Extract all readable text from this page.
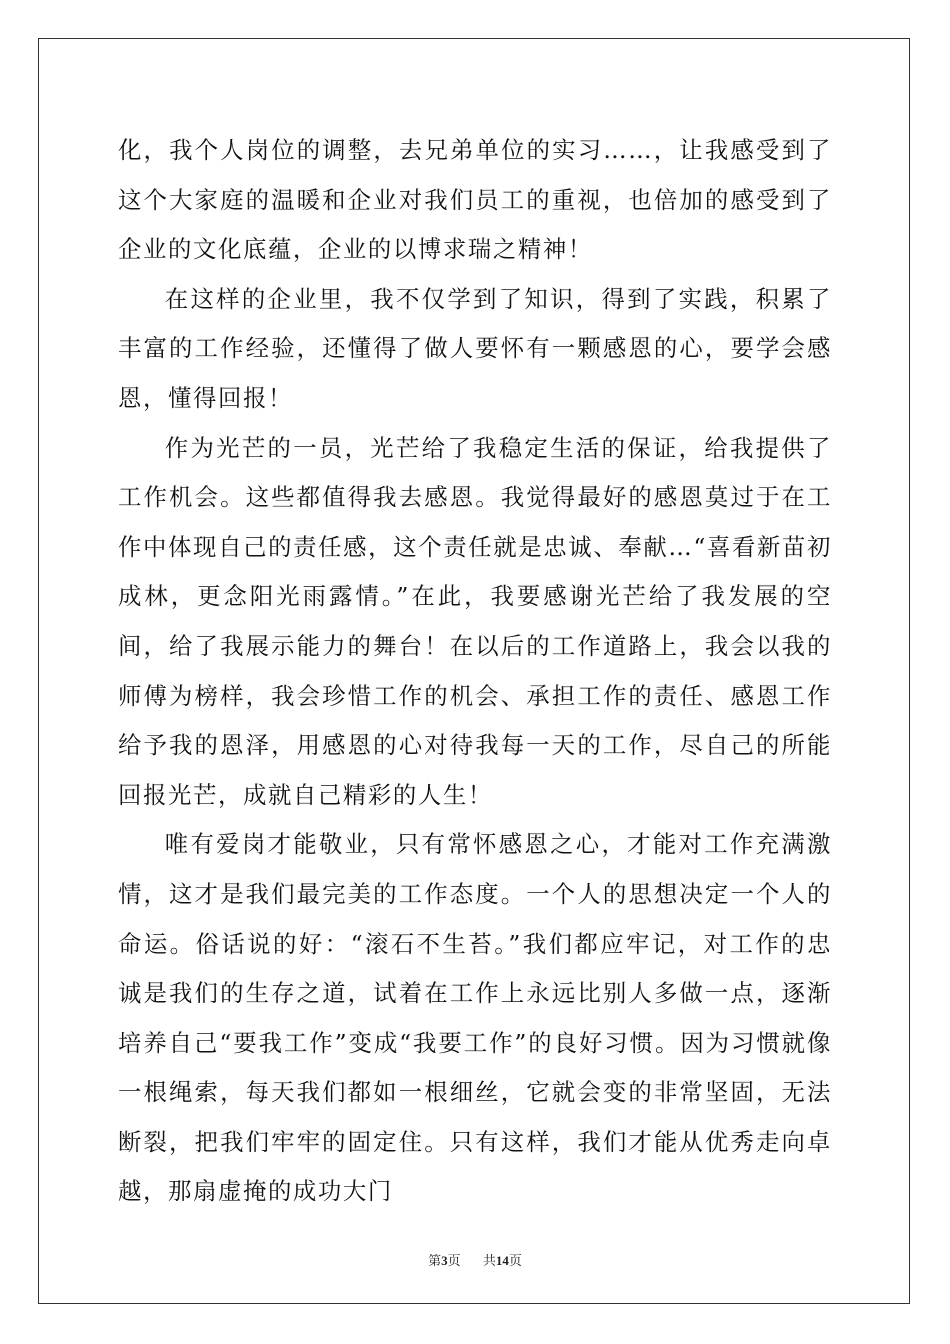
化，我个人岗位的调整，去兄弟单位的实习……，让我感受到了这个大家庭的温暖和企业对我们员工的重视，也倍加的感受到了企业的文化底蕴，企业的以博求瑞之精神！

在这样的企业里，我不仅学到了知识，得到了实践，积累了丰富的工作经验，还懂得了做人要怀有一颗感恩的心，要学会感恩，懂得回报！

作为光芒的一员，光芒给了我稳定生活的保证，给我提供了工作机会。这些都值得我去感恩。我觉得最好的感恩莫过于在工作中体现自己的责任感，这个责任就是忠诚、奉献…“喜看新苗初成林，更念阳光雨露情。”在此，我要感谢光芒给了我发展的空间，给了我展示能力的舞台！在以后的工作道路上，我会以我的师傅为榜样，我会珍惜工作的机会、承担工作的责任、感恩工作给予我的恩泽，用感恩的心对待我每一天的工作，尽自己的所能回报光芒，成就自己精彩的人生！

唯有爱岗才能敬业，只有常怀感恩之心，才能对工作充满激情，这才是我们最完美的工作态度。一个人的思想决定一个人的命运。俗话说的好：“滚石不生苔。”我们都应牢记，对工作的忠诚是我们的生存之道，试着在工作上永远比别人多做一点，逐渐培养自己“要我工作”变成“我要工作”的良好习惯。因为习惯就像一根绳索，每天我们都如一根细丝，它就会变的非常坚固，无法断裂，把我们牢牢的固定住。只有这样，我们才能从优秀走向卓越，那扇虚掩的成功大门

第3页 共14页
